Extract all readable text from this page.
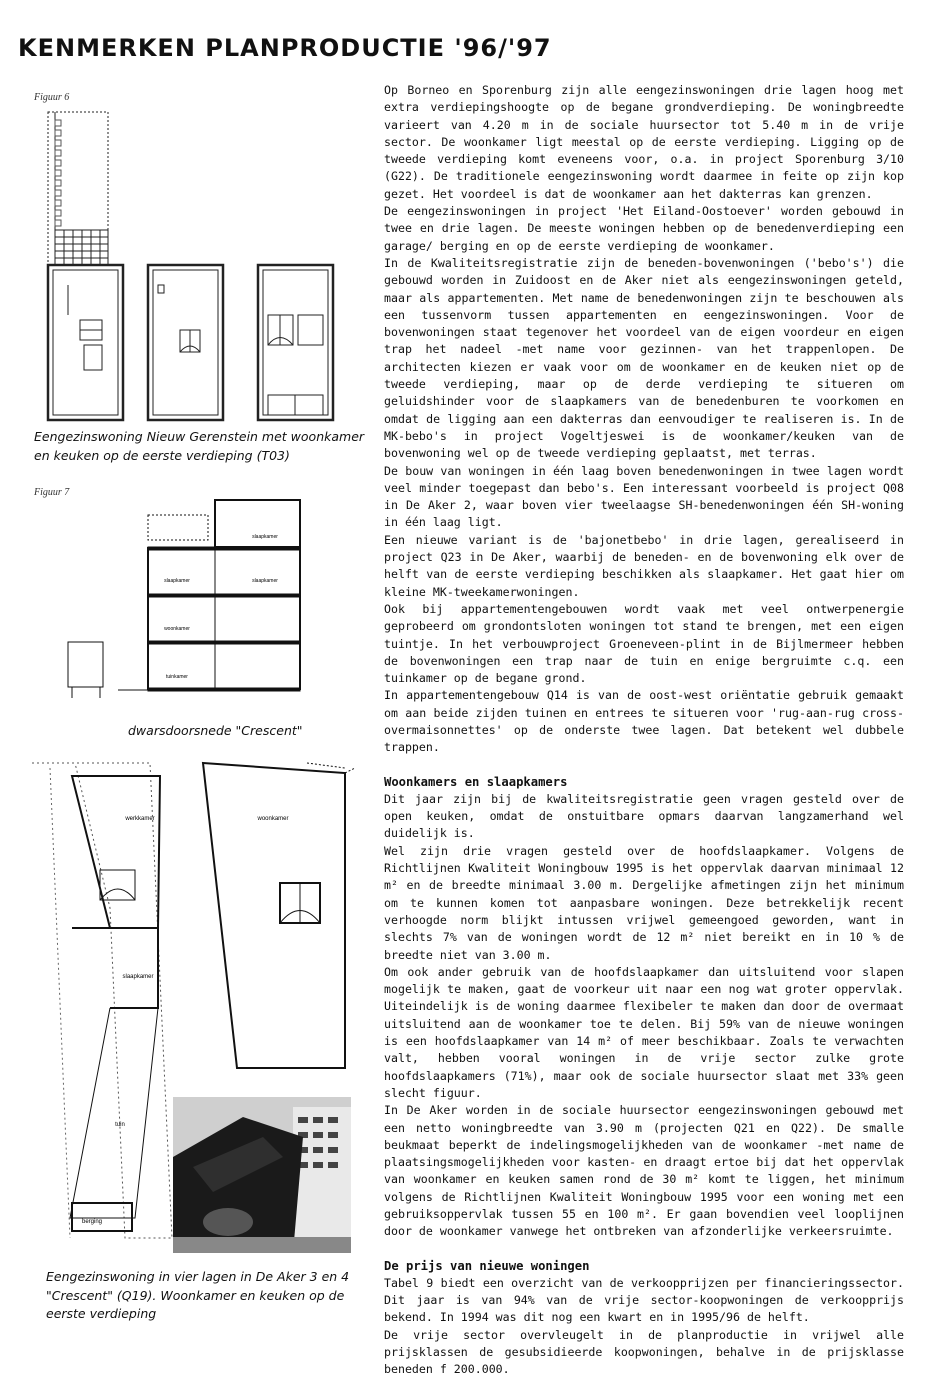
KENMERKEN PLANPRODUCTIE '96/'97
Figuur 6
Eengezinswoning Nieuw Gerenstein met woonkamer
en keuken op de eerste verdieping (T03)
Figuur 7
slaapkamer
slaapkamer	slaapkamer
woonkamer
tuinkamer
dwarsdoorsnede "Crescent"
werkkamer
slaapkamer
tuin
berging
woonkamer
Eengezinswoning in vier lagen in De Aker 3 en 4
"Crescent" (Q19). Woonkamer en keuken op de
eerste verdieping

Op Borneo en Sporenburg zijn alle eengezinswoningen drie lagen hoog met extra verdiepingshoogte op de begane grondverdieping. De woningbreedte varieert van 4.20 m in de sociale huursector tot 5.40 m in de vrije sector. De woonkamer ligt meestal op de eerste verdieping. Ligging op de tweede verdieping komt eveneens voor, o.a. in project Sporenburg 3/10 (G22). De traditionele eengezinswoning wordt daarmee in feite op zijn kop gezet. Het voordeel is dat de woonkamer aan het dakterras kan grenzen.

De eengezinswoningen in project 'Het Eiland-Oostoever' worden gebouwd in twee en drie lagen. De meeste woningen hebben op de benedenverdieping een garage/ berging en op de eerste verdieping de woonkamer.

In de Kwaliteitsregistratie zijn de beneden-bovenwoningen ('bebo's') die gebouwd worden in Zuidoost en de Aker niet als eengezinswoningen geteld, maar als appartementen. Met name de benedenwoningen zijn te beschouwen als een tussenvorm tussen appartementen en eengezinswoningen. Voor de bovenwoningen staat tegenover het voordeel van de eigen voordeur en eigen trap het nadeel -met name voor gezinnen- van het trappenlopen. De architecten kiezen er vaak voor om de woonkamer en de keuken niet op de tweede verdieping, maar op de derde verdieping te situeren om geluidshinder voor de slaapkamers van de benedenburen te voorkomen en omdat de ligging aan een dakterras dan eenvoudiger te realiseren is. In de MK-bebo's in project Vogeltjeswei is de woonkamer/keuken van de bovenwoning wel op de tweede verdieping geplaatst, met terras.

De bouw van woningen in één laag boven benedenwoningen in twee lagen wordt veel minder toegepast dan bebo's. Een interessant voorbeeld is project Q08 in De Aker 2, waar boven vier tweelaagse SH-benedenwoningen één SH-woning in één laag ligt.

Een nieuwe variant is de 'bajonetbebo' in drie lagen, gerealiseerd in project Q23 in De Aker, waarbij de beneden- en de bovenwoning elk over de helft van de eerste verdieping beschikken als slaapkamer. Het gaat hier om kleine MK-tweekamerwoningen.

Ook bij appartementengebouwen wordt vaak met veel ontwerpenergie geprobeerd om grondontsloten woningen tot stand te brengen, met een eigen tuintje. In het verbouwproject Groeneveen-plint in de Bijlmermeer hebben de bovenwoningen een trap naar de tuin en enige bergruimte c.q. een tuinkamer op de begane grond.

In appartementengebouw Q14 is van de oost-west oriëntatie gebruik gemaakt om aan beide zijden tuinen en entrees te situeren voor 'rug-aan-rug cross-overmaisonnettes' op de onderste twee lagen. Dat betekent wel dubbele trappen.

Woonkamers en slaapkamers

Dit jaar zijn bij de kwaliteitsregistratie geen vragen gesteld over de open keuken, omdat de onstuitbare opmars daarvan langzamerhand wel duidelijk is.

Wel zijn drie vragen gesteld over de hoofdslaapkamer. Volgens de Richtlijnen Kwaliteit Woningbouw 1995 is het oppervlak daarvan minimaal 12 m² en de breedte minimaal 3.00 m. Dergelijke afmetingen zijn het minimum om te kunnen komen tot aanpasbare woningen. Deze betrekkelijk recent verhoogde norm blijkt intussen vrijwel gemeengoed geworden, want in slechts 7% van de woningen wordt de 12 m² niet bereikt en in 10 % de breedte niet van 3.00 m.

Om ook ander gebruik van de hoofdslaapkamer dan uitsluitend voor slapen mogelijk te maken, gaat de voorkeur uit naar een nog wat groter oppervlak. Uiteindelijk is de woning daarmee flexibeler te maken dan door de overmaat uitsluitend aan de woonkamer toe te delen. Bij 59% van de nieuwe woningen is een hoofdslaapkamer van 14 m² of meer beschikbaar. Zoals te verwachten valt, hebben vooral woningen in de vrije sector zulke grote hoofdslaapkamers (71%), maar ook de sociale huursector slaat met 33% geen slecht figuur.

In De Aker worden in de sociale huursector eengezinswoningen gebouwd met een netto woningbreedte van 3.90 m (projecten Q21 en Q22). De smalle beukmaat beperkt de indelingsmogelijkheden van de woonkamer -met name de plaatsingsmogelijkheden voor kasten- en draagt ertoe bij dat het oppervlak van woonkamer en keuken samen rond de 30 m² komt te liggen, het minimum volgens de Richtlijnen Kwaliteit Woningbouw 1995 voor een woning met een gebruiksoppervlak tussen 55 en 100 m². Er gaan bovendien veel looplijnen door de woonkamer vanwege het ontbreken van afzonderlijke verkeersruimte.

De prijs van nieuwe woningen

Tabel 9 biedt een overzicht van de verkoopprijzen per financieringssector. Dit jaar is van 94% van de vrije sector-koopwoningen de verkoopprijs bekend. In 1994 was dit nog een kwart en in 1995/96 de helft.

De vrije sector overvleugelt in de planproductie in vrijwel alle prijsklassen de gesubsidieerde koopwoningen, behalve in de prijsklasse beneden f 200.000.
